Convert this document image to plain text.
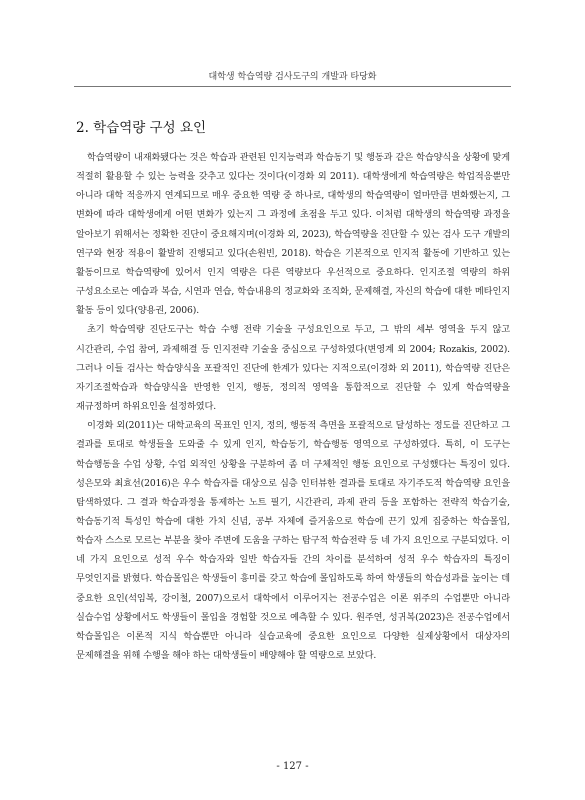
대학생 학습역량 검사도구의 개발과 타당화
2. 학습역량 구성 요인

학습역량이 내재화됐다는 것은 학습과 관련된 인지능력과 학습동기 및 행동과 같은 학습양식을 상황에 맞게 적절히 활용할 수 있는 능력을 갖추고 있다는 것이다(이경화 외 2011). 대학생에게 학습역량은 학업적응뿐만 아니라 대학 적응까지 연계되므로 매우 중요한 역량 중 하나로, 대학생의 학습역량이 얼마만큼 변화했는지, 그 변화에 따라 대학생에게 어떤 변화가 있는지 그 과정에 초점을 두고 있다. 이처럼 대학생의 학습역량 과정을 알아보기 위해서는 정확한 진단이 중요해지며(이경화 외, 2023), 학습역량을 진단할 수 있는 검사 도구 개발의 연구와 현장 적용이 활발히 진행되고 있다(손원빈, 2018). 학습은 기본적으로 인지적 활동에 기반하고 있는 활동이므로 학습역량에 있어서 인지 역량은 다른 역량보다 우선적으로 중요하다. 인지조절 역량의 하위 구성요소로는 예습과 복습, 시연과 연습, 학습내용의 정교화와 조직화, 문제해결, 자신의 학습에 대한 메타인지 활동 등이 있다(양용권, 2006).

초기 학습역량 진단도구는 학습 수행 전략 기술을 구성요인으로 두고, 그 밖의 세부 영역을 두지 않고 시간관리, 수업 참여, 과제해결 등 인지전략 기술을 중심으로 구성하였다(변영계 외 2004; Rozakis, 2002). 그러나 이들 검사는 학습양식을 포괄적인 진단에 한계가 있다는 지적으로(이경화 외 2011), 학습역량 진단은 자기조절학습과 학습양식을 반영한 인지, 행동, 정의적 영역을 통합적으로 진단할 수 있게 학습역량을 재규정하며 하위요인을 설정하였다.

이경화 외(2011)는 대학교육의 목표인 인지, 정의, 행동적 측면을 포괄적으로 달성하는 정도를 진단하고 그 결과를 토대로 학생들을 도와줄 수 있게 인지, 학습동기, 학습행동 영역으로 구성하였다. 특히, 이 도구는 학습행동을 수업 상황, 수업 외적인 상황을 구분하여 좀 더 구체적인 행동 요인으로 구성했다는 특징이 있다. 성은모와 최효선(2016)은 우수 학습자를 대상으로 심층 인터뷰한 결과를 토대로 자기주도적 학습역량 요인을 탐색하였다. 그 결과 학습과정을 통제하는 노트 필기, 시간관리, 과제 관리 등을 포함하는 전략적 학습기술, 학습동기적 특성인 학습에 대한 가치 신념, 공부 자체에 즐거움으로 학습에 끈기 있게 집중하는 학습몰입, 학습자 스스로 모르는 부분을 찾아 주변에 도움을 구하는 탐구적 학습전략 등 네 가지 요인으로 구분되었다. 이 네 가지 요인으로 성적 우수 학습자와 일반 학습자들 간의 차이를 분석하여 성적 우수 학습자의 특징이 무엇인지를 밝혔다. 학습몰입은 학생들이 흥미를 갖고 학습에 몰입하도록 하여 학생들의 학습성과를 높이는 데 중요한 요인(석임복, 강이철, 2007)으로서 대학에서 이루어지는 전공수업은 이론 위주의 수업뿐만 아니라 실습수업 상황에서도 학생들이 몰입을 경험할 것으로 예측할 수 있다. 원주연, 성귀복(2023)은 전공수업에서 학습몰입은 이론적 지식 학습뿐만 아니라 실습교육에 중요한 요인으로 다양한 실제상황에서 대상자의 문제해결을 위해 수행을 해야 하는 대학생들이 배양해야 할 역량으로 보았다.

- 127 -
